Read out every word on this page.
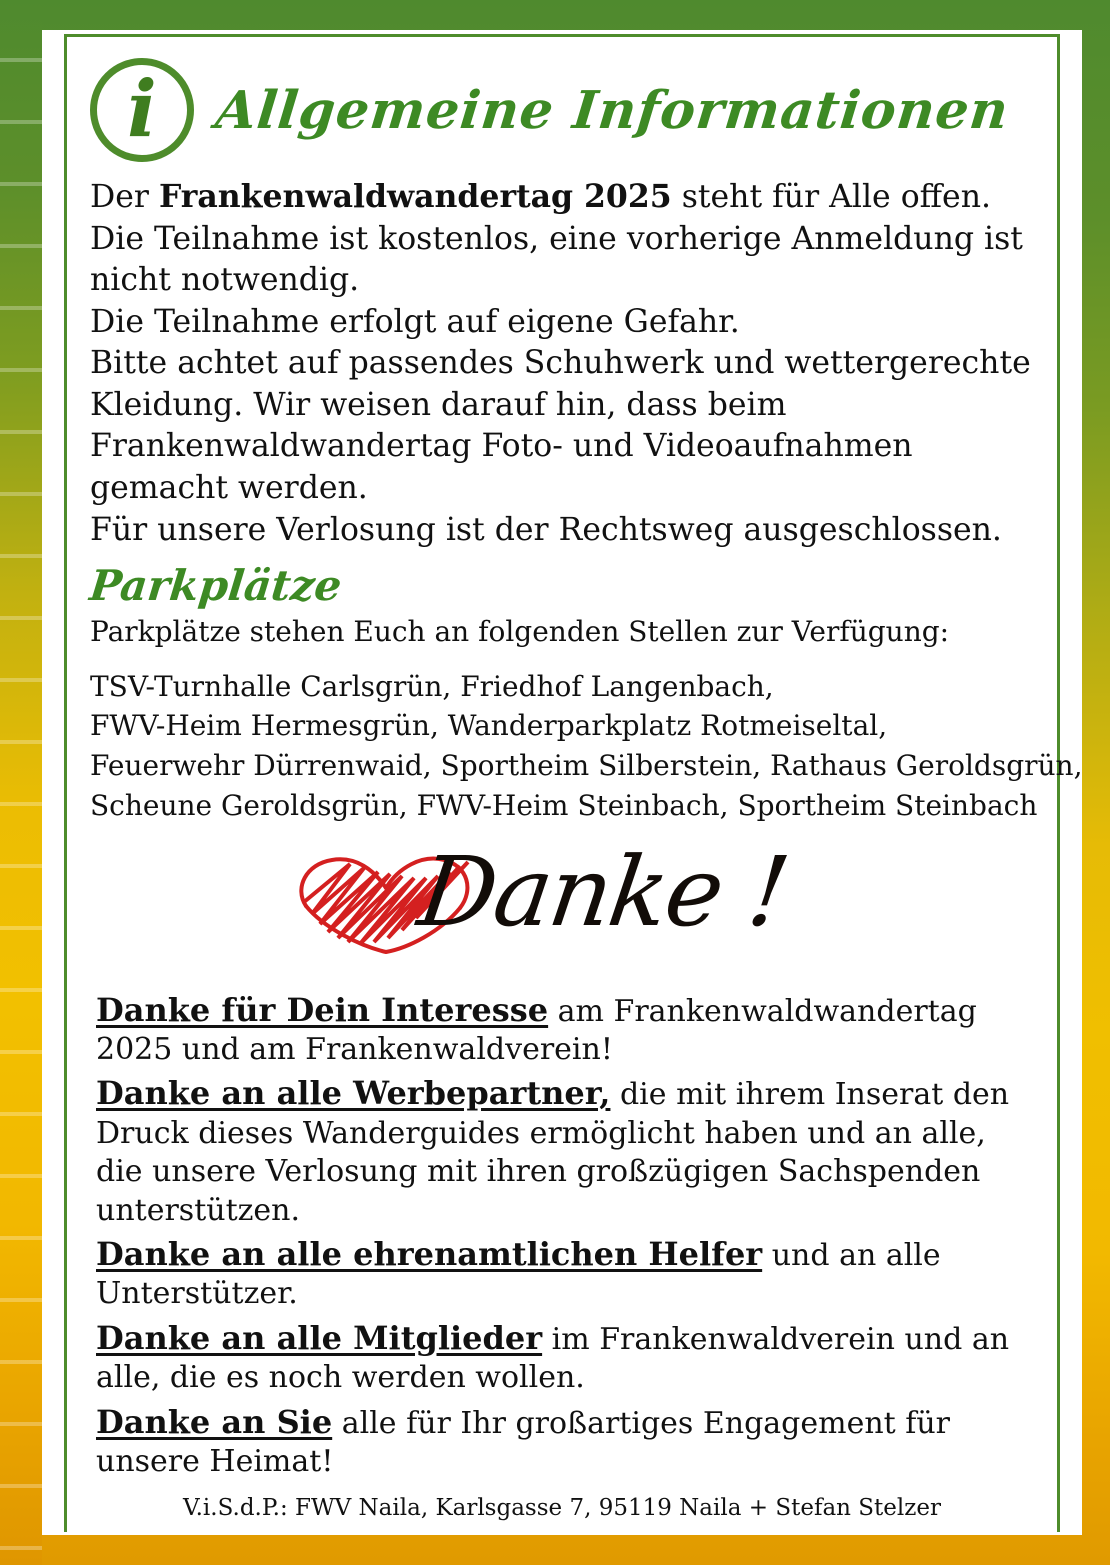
i	Allgemeine Informationen

Der Frankenwaldwandertag 2025 steht für Alle offen.

Die Teilnahme ist kostenlos, eine vorherige Anmeldung ist nicht notwendig.

Die Teilnahme erfolgt auf eigene Gefahr.

Bitte achtet auf passendes Schuhwerk und wettergerechte Kleidung. Wir weisen darauf hin, dass beim Frankenwaldwandertag Foto- und Videoaufnahmen gemacht werden.

Für unsere Verlosung ist der Rechtsweg ausgeschlossen.

Parkplätze
Parkplätze stehen Euch an folgenden Stellen zur Verfügung:
TSV-Turnhalle Carlsgrün, Friedhof Langenbach,
FWV-Heim Hermesgrün, Wanderparkplatz Rotmeiseltal,
Feuerwehr Dürrenwaid, Sportheim Silberstein, Rathaus Geroldsgrün,
Scheune Geroldsgrün, FWV-Heim Steinbach, Sportheim Steinbach
Danke !

Danke für Dein Interesse am Frankenwaldwandertag 2025 und am Frankenwaldverein!

Danke an alle Werbepartner, die mit ihrem Inserat den Druck dieses Wanderguides ermöglicht haben und an alle, die unsere Verlosung mit ihren großzügigen Sachspenden unterstützen.

Danke an alle ehrenamtlichen Helfer und an alle Unterstützer.

Danke an alle Mitglieder im Frankenwaldverein und an alle, die es noch werden wollen.

Danke an Sie alle für Ihr großartiges Engagement für unsere Heimat!

V.i.S.d.P.: FWV Naila, Karlsgasse 7, 95119 Naila + Stefan Stelzer
